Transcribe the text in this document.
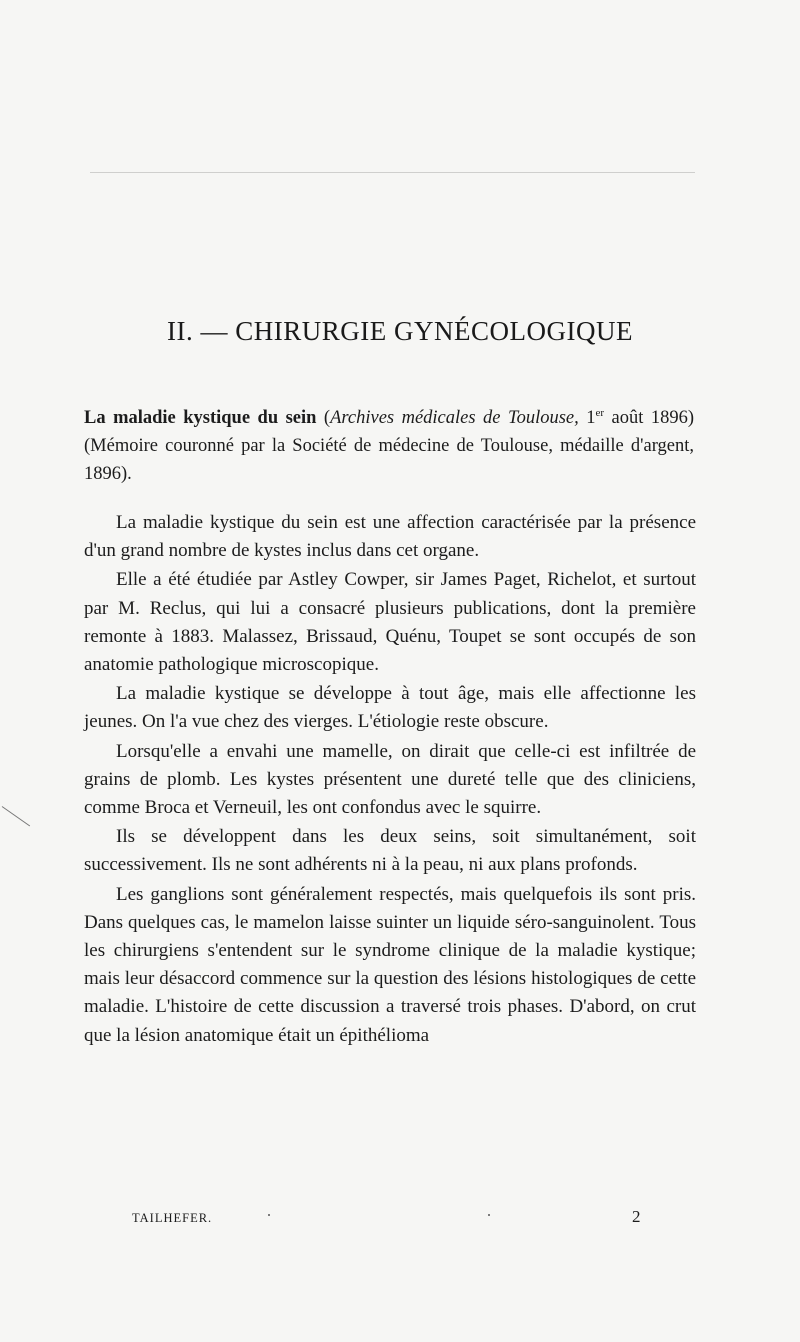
II. — CHIRURGIE GYNÉCOLOGIQUE
La maladie kystique du sein (Archives médicales de Toulouse, 1er août 1896) (Mémoire couronné par la Société de médecine de Toulouse, médaille d'argent, 1896).

La maladie kystique du sein est une affection caractérisée par la présence d'un grand nombre de kystes inclus dans cet organe.

Elle a été étudiée par Astley Cowper, sir James Paget, Richelot, et surtout par M. Reclus, qui lui a consacré plusieurs publications, dont la première remonte à 1883. Malassez, Brissaud, Quénu, Toupet se sont occupés de son anatomie pathologique microscopique.

La maladie kystique se développe à tout âge, mais elle affectionne les jeunes. On l'a vue chez des vierges. L'étiologie reste obscure.

Lorsqu'elle a envahi une mamelle, on dirait que celle-ci est infiltrée de grains de plomb. Les kystes présentent une dureté telle que des cliniciens, comme Broca et Verneuil, les ont confondus avec le squirre.

Ils se développent dans les deux seins, soit simultanément, soit successivement. Ils ne sont adhérents ni à la peau, ni aux plans profonds.

Les ganglions sont généralement respectés, mais quelquefois ils sont pris. Dans quelques cas, le mamelon laisse suinter un liquide séro-sanguinolent. Tous les chirurgiens s'entendent sur le syndrome clinique de la maladie kystique; mais leur désaccord commence sur la question des lésions histologiques de cette maladie. L'histoire de cette discussion a traversé trois phases. D'abord, on crut que la lésion anatomique était un épithélioma

TAILHEFER.	2
